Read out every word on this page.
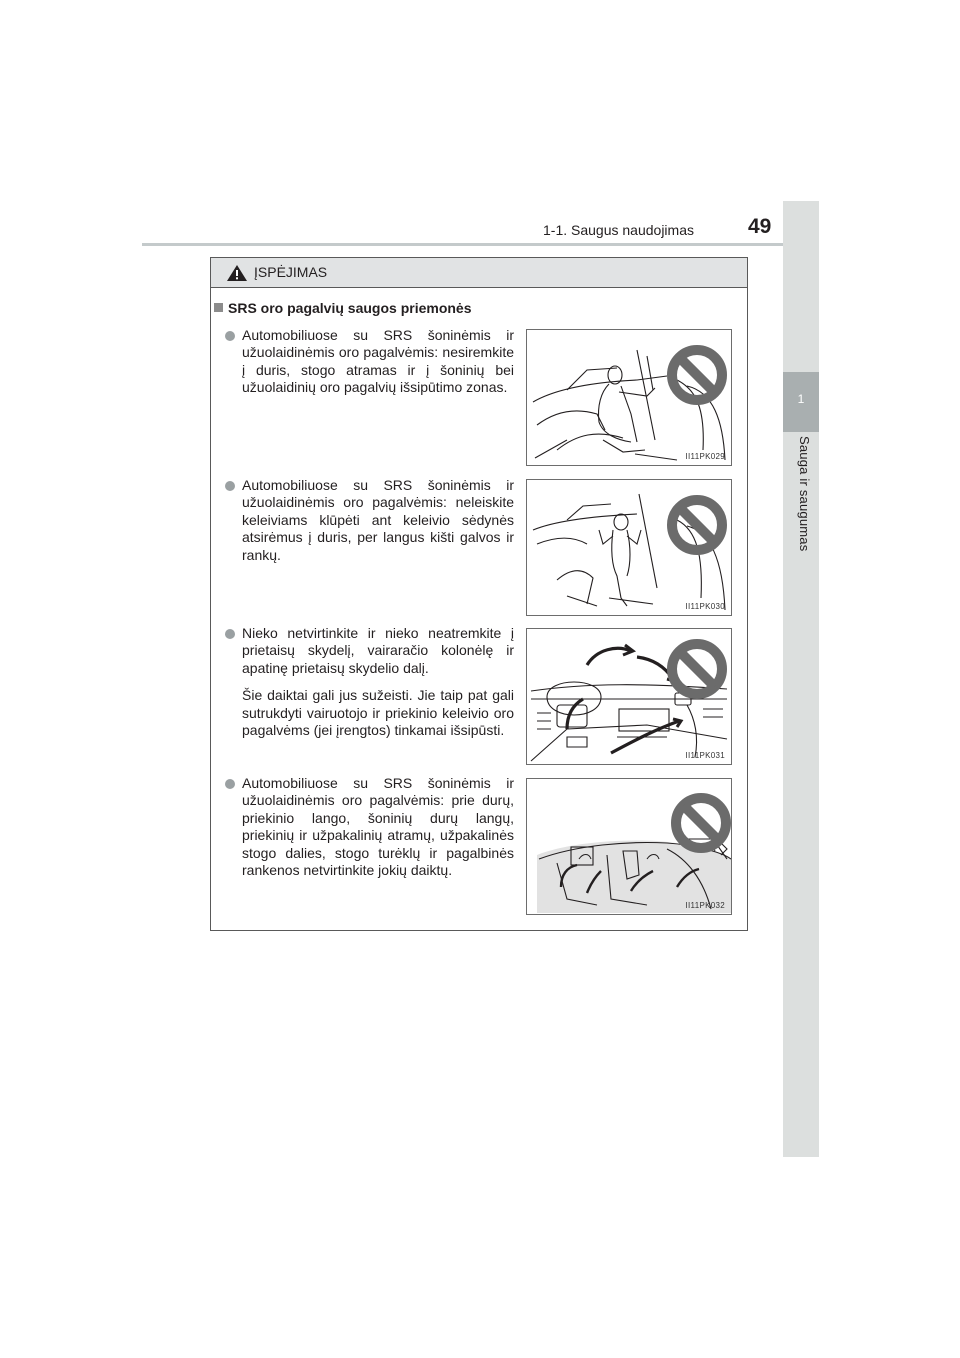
1-1. Saugus naudojimas	49
1
Sauga ir saugumas
ĮSPĖJIMAS
SRS oro pagalvių saugos priemonės
Automobiliuose su SRS šoninėmis ir užuolaidinėmis oro pagalvėmis: nesiremkite į duris, stogo atramas ir į šoninių bei užuolaidinių oro pagalvių išsipūtimo zonas.
II11PK029
Automobiliuose su SRS šoninėmis ir užuolaidinėmis oro pagalvėmis: neleiskite keleiviams klūpėti ant keleivio sėdynės atsirėmus į duris, per langus kišti galvos ir rankų.
II11PK030
Nieko netvirtinkite ir nieko neatremkite į prietaisų skydelį, vairaračio kolonėlę ir apatinę prietaisų skydelio dalį.
Šie daiktai gali jus sužeisti. Jie taip pat gali sutrukdyti vairuotojo ir priekinio keleivio oro pagalvėms (jei įrengtos) tinkamai išsipūsti.
II11PK031
Automobiliuose su SRS šoninėmis ir užuolaidinėmis oro pagalvėmis: prie durų, priekinio lango, šoninių durų langų, priekinių ir užpakalinių atramų, užpakalinės stogo dalies, stogo turėklų ir pagalbinės rankenos netvirtinkite jokių daiktų.
II11PK032
